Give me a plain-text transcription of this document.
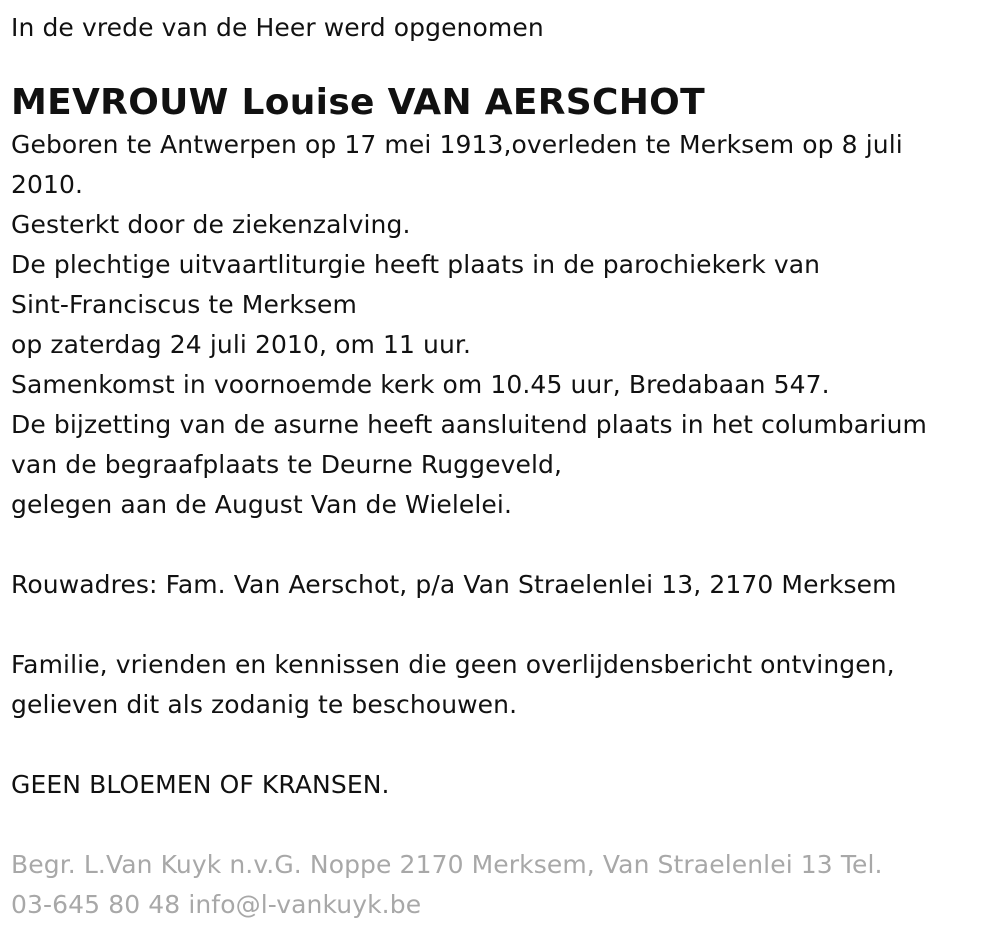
In de vrede van de Heer werd opgenomen
MEVROUW Louise VAN AERSCHOT
Geboren te Antwerpen op 17 mei 1913,overleden te Merksem op 8 juli
2010.
Gesterkt door de ziekenzalving.
De plechtige uitvaartliturgie heeft plaats in de parochiekerk van
Sint-Franciscus te Merksem
op zaterdag 24 juli 2010, om 11 uur.
Samenkomst in voornoemde kerk om 10.45 uur, Bredabaan 547.
De bijzetting van de asurne heeft aansluitend plaats in het columbarium
van de begraafplaats te Deurne Ruggeveld,
gelegen aan de August Van de Wielelei.
Rouwadres: Fam. Van Aerschot, p/a Van Straelenlei 13, 2170 Merksem
Familie, vrienden en kennissen die geen overlijdensbericht ontvingen,
gelieven dit als zodanig te beschouwen.
GEEN BLOEMEN OF KRANSEN.
Begr. L.Van Kuyk n.v.G. Noppe 2170 Merksem, Van Straelenlei 13 Tel.
03-645 80 48 info@l-vankuyk.be
